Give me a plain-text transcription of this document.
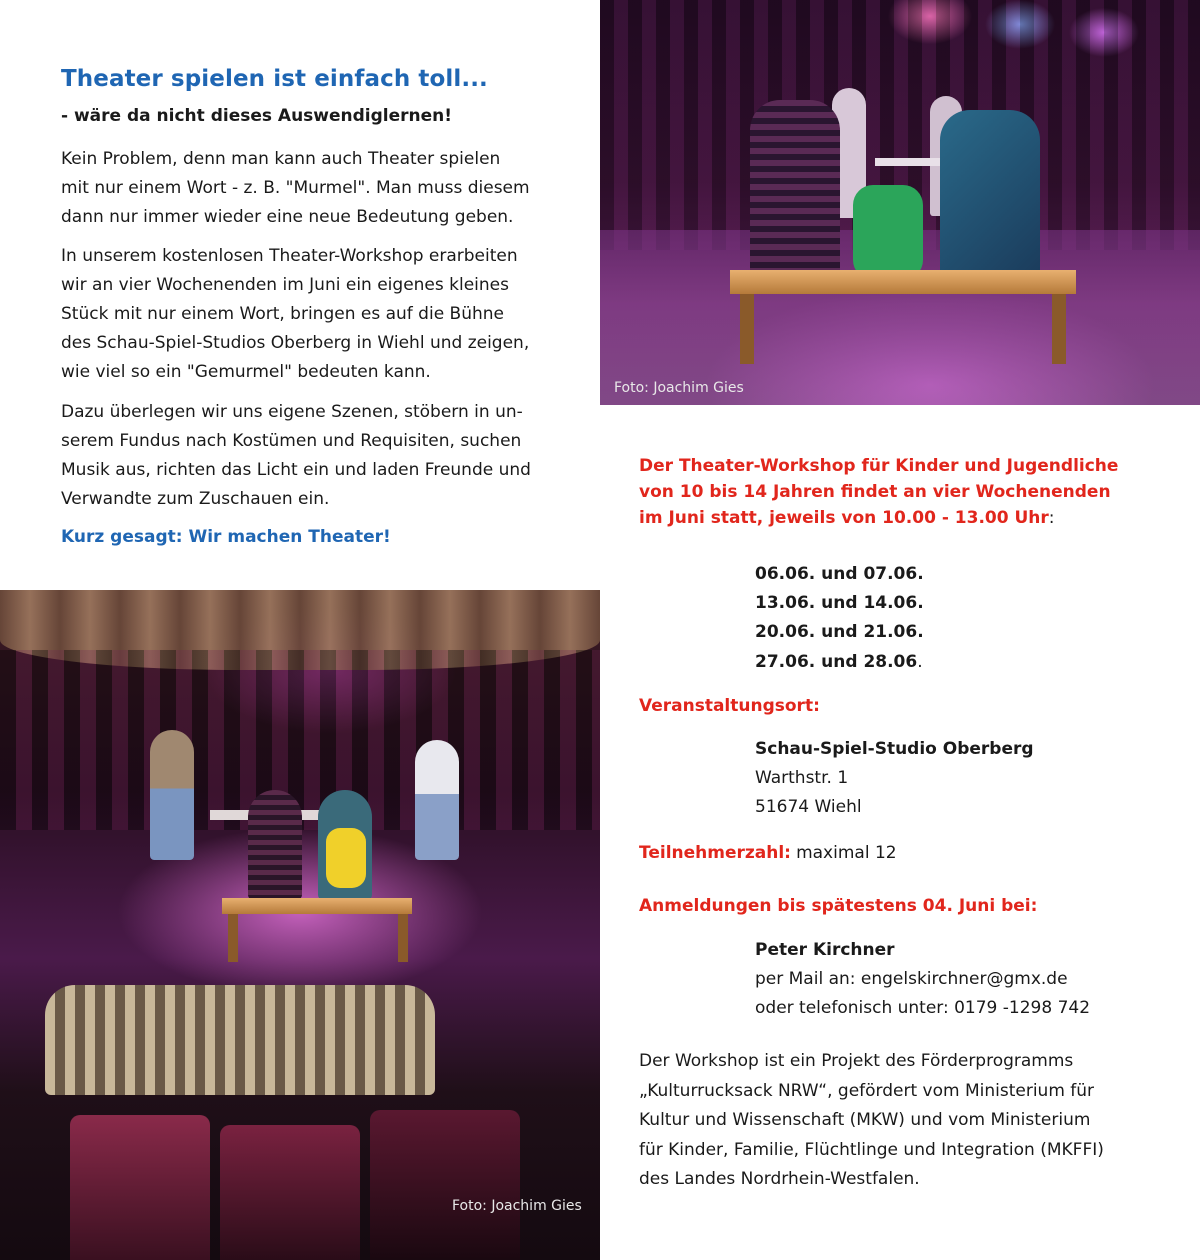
Theater spielen ist einfach toll...
- wäre da nicht dieses Auswendiglernen!
Kein Problem, denn man kann auch Theater spielen
mit nur einem Wort - z. B. "Murmel". Man muss diesem
dann nur immer wieder eine neue Bedeutung geben.
In unserem kostenlosen Theater-Workshop erarbeiten
wir an vier Wochenenden im Juni ein eigenes kleines
Stück mit nur einem Wort, bringen es auf die Bühne
des Schau-Spiel-Studios Oberberg in Wiehl und zeigen,
wie viel so ein "Gemurmel" bedeuten kann.
Dazu überlegen wir uns eigene Szenen, stöbern in un-
serem Fundus nach Kostümen und Requisiten, suchen
Musik aus, richten das Licht ein und laden Freunde und
Verwandte zum Zuschauen ein.
Kurz gesagt: Wir machen Theater!
Foto: Joachim Gies
Foto: Joachim Gies
Der Theater-Workshop für Kinder und Jugendliche
von 10 bis 14 Jahren findet an vier Wochenenden
im Juni statt, jeweils von 10.00 - 13.00 Uhr:
06.06. und 07.06.
13.06. und 14.06.
20.06. und 21.06.
27.06. und 28.06.
Veranstaltungsort:
Schau-Spiel-Studio Oberberg
Warthstr. 1
51674 Wiehl
Teilnehmerzahl: maximal 12
Anmeldungen bis spätestens 04. Juni bei:
Peter Kirchner
per Mail an: engelskirchner@gmx.de
oder telefonisch unter: 0179 -1298 742
Der Workshop ist ein Projekt des Förderprogramms
„Kulturrucksack NRW“, gefördert vom Ministerium für
Kultur und Wissenschaft (MKW) und vom Ministerium
für Kinder, Familie, Flüchtlinge und Integration (MKFFI)
des Landes Nordrhein-Westfalen.
